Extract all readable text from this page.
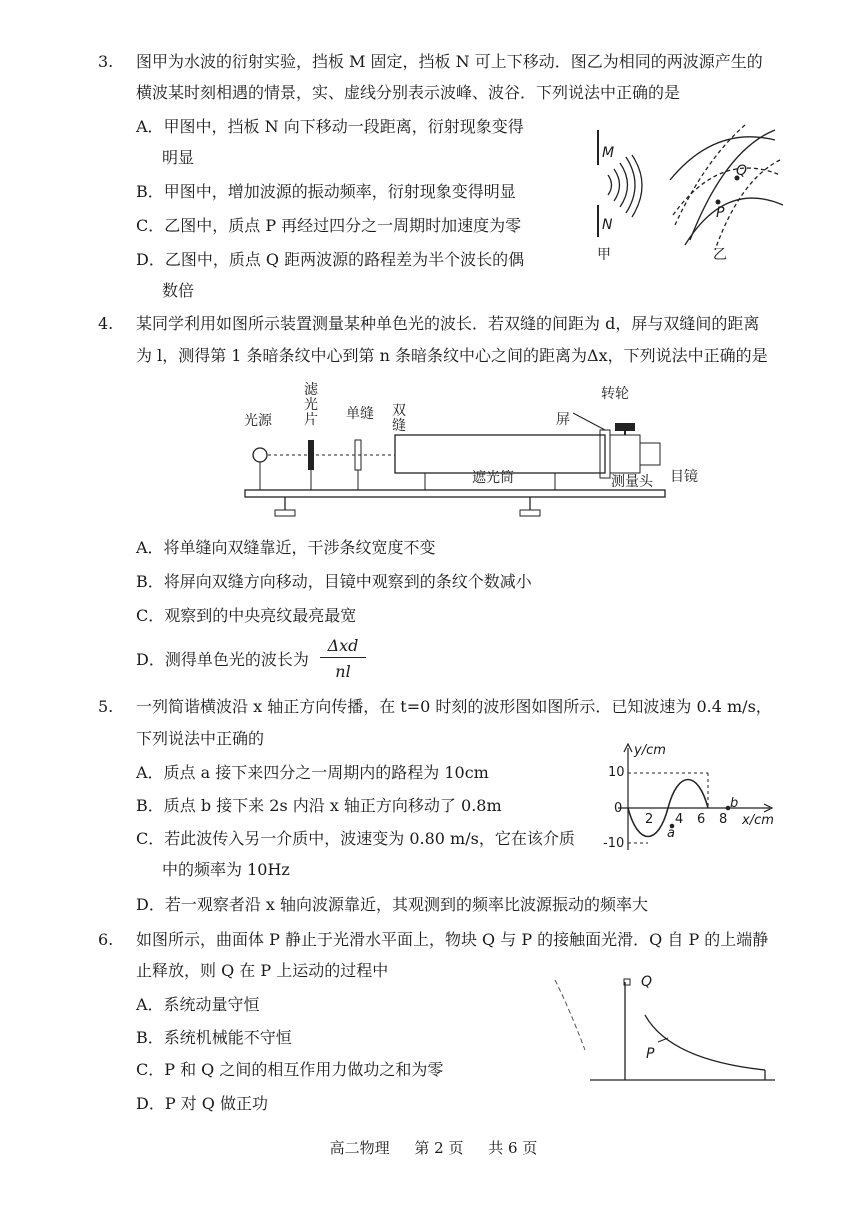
3. 图甲为水波的衍射实验，挡板 M 固定，挡板 N 可上下移动．图乙为相同的两波源产生的
横波某时刻相遇的情景，实、虚线分别表示波峰、波谷．下列说法中正确的是
A．甲图中，挡板 N 向下移动一段距离，衍射现象变得
明显
B．甲图中，增加波源的振动频率，衍射现象变得明显
C．乙图中，质点 P 再经过四分之一周期时加速度为零
D．乙图中，质点 Q 距两波源的路程差为半个波长的偶
数倍
M
N
甲
Q
P
乙
4. 某同学利用如图所示装置测量某种单色光的波长．若双缝的间距为 d，屏与双缝间的距离
为 l，测得第 1 条暗条纹中心到第 n 条暗条纹中心之间的距离为Δx，下列说法中正确的是
光源
滤光片 单缝 双缝	屏
转轮
遮光筒	测量头 目镜
A．将单缝向双缝靠近，干涉条纹宽度不变
B．将屏向双缝方向移动，目镜中观察到的条纹个数减小
C．观察到的中央亮纹最亮最宽
D．测得单色光的波长为
Δxd
nl
5. 一列简谐横波沿 x 轴正方向传播，在 t=0 时刻的波形图如图所示．已知波速为 0.4 m/s，
下列说法中正确的
A．质点 a 接下来四分之一周期内的路程为 10cm
B．质点 b 接下来 2s 内沿 x 轴正方向移动了 0.8m
C．若此波传入另一介质中，波速变为 0.80 m/s，它在该介质
中的频率为 10Hz
D．若一观察者沿 x 轴向波源靠近，其观测到的频率比波源振动的频率大
y/cm
x/cm
10
0
-10
2 4 6 8
a
b
6. 如图所示，曲面体 P 静止于光滑水平面上，物块 Q 与 P 的接触面光滑．Q 自 P 的上端静
止释放，则 Q 在 P 上运动的过程中
A．系统动量守恒
B．系统机械能不守恒
C．P 和 Q 之间的相互作用力做功之和为零
D．P 对 Q 做正功
Q
P
高二物理 第 2 页 共 6 页
